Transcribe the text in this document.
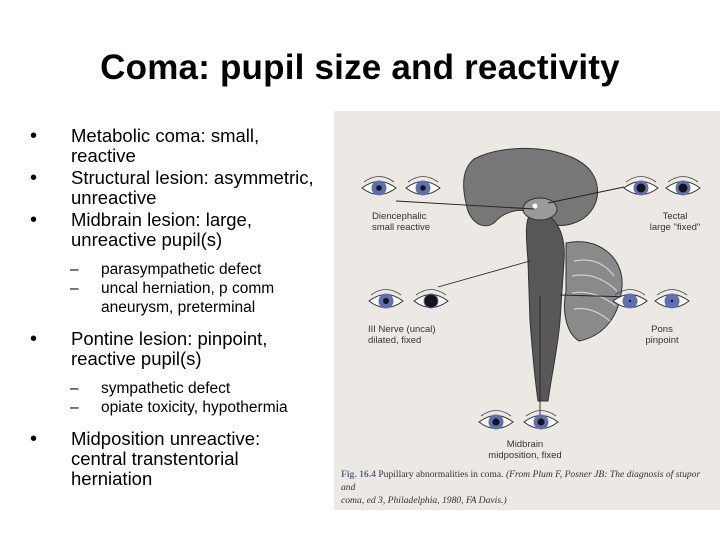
Coma: pupil size and reactivity
• Metabolic coma: small,
reactive
• Structural lesion: asymmetric,
unreactive
• Midbrain lesion: large,
unreactive pupil(s)
– parasympathetic defect
– uncal herniation, p comm
aneurysm, preterminal
• Pontine lesion: pinpoint,
reactive pupil(s)
– sympathetic defect
– opiate toxicity, hypothermia
• Midposition unreactive:
central transtentorial
herniation
Diencephalic
small reactive
Tectal
large "fixed"
III Nerve (uncal)
dilated, fixed
Pons
pinpoint
Midbrain
midposition, fixed
Fig. 16.4 Pupillary abnormalities in coma. (From Plum F, Posner JB: The diagnosis of stupor and
coma, ed 3, Philadelphia, 1980, FA Davis.)
